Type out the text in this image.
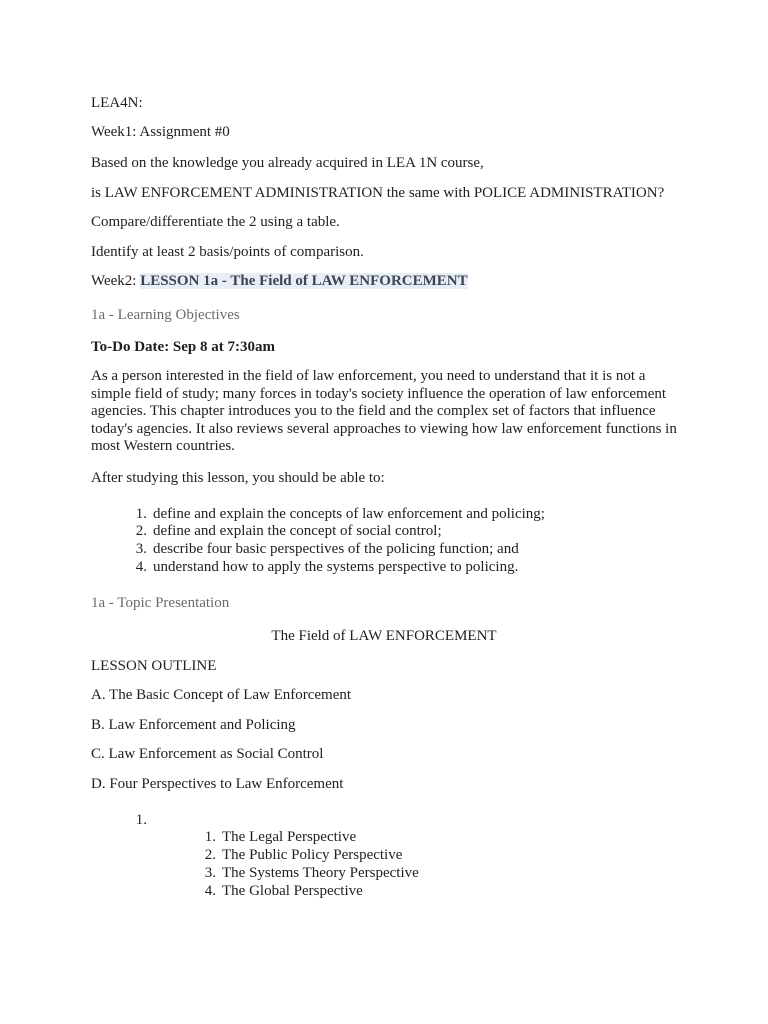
LEA4N:

Week1: Assignment #0

Based on the knowledge you already acquired in LEA 1N course,

is LAW ENFORCEMENT ADMINISTRATION the same with POLICE ADMINISTRATION?

Compare/differentiate the 2 using a table.

Identify at least 2 basis/points of comparison.

Week2: LESSON 1a - The Field of LAW ENFORCEMENT

1a - Learning Objectives

To-Do Date: Sep 8 at 7:30am

As a person interested in the field of law enforcement, you need to understand that it is not a simple field of study; many forces in today's society influence the operation of law enforcement agencies. This chapter introduces you to the field and the complex set of factors that influence today's agencies. It also reviews several approaches to viewing how law enforcement functions in most Western countries.

After studying this lesson, you should be able to:

1. define and explain the concepts of law enforcement and policing;
2. define and explain the concept of social control;
3. describe four basic perspectives of the policing function; and
4. understand how to apply the systems perspective to policing.

1a - Topic Presentation

The Field of LAW ENFORCEMENT

LESSON OUTLINE

A. The Basic Concept of Law Enforcement

B. Law Enforcement and Policing

C. Law Enforcement as Social Control

D. Four Perspectives to Law Enforcement

1.
1. The Legal Perspective
2. The Public Policy Perspective
3. The Systems Theory Perspective
4. The Global Perspective
